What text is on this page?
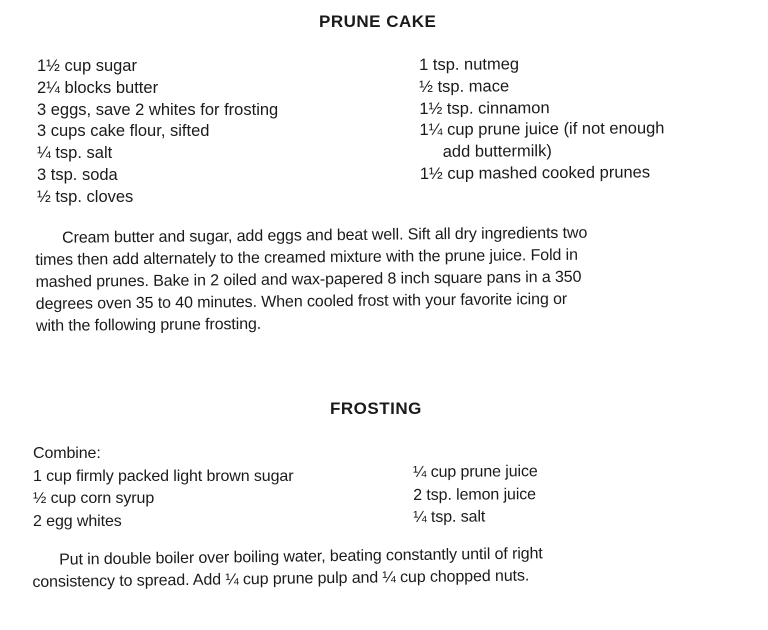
PRUNE CAKE
1½ cup sugar
2¼ blocks butter
3 eggs, save 2 whites for frosting
3 cups cake flour, sifted
¼ tsp. salt
3 tsp. soda
½ tsp. cloves
1 tsp. nutmeg
½ tsp. mace
1½ tsp. cinnamon
1¼ cup prune juice (if not enough
add buttermilk)
1½ cup mashed cooked prunes
Cream butter and sugar, add eggs and beat well. Sift all dry ingredients two
times then add alternately to the creamed mixture with the prune juice. Fold in
mashed prunes. Bake in 2 oiled and wax-papered 8 inch square pans in a 350
degrees oven 35 to 40 minutes. When cooled frost with your favorite icing or
with the following prune frosting.
FROSTING
Combine:
1 cup firmly packed light brown sugar
½ cup corn syrup
2 egg whites
¼ cup prune juice
2 tsp. lemon juice
¼ tsp. salt
Put in double boiler over boiling water, beating constantly until of right
consistency to spread. Add ¼ cup prune pulp and ¼ cup chopped nuts.
